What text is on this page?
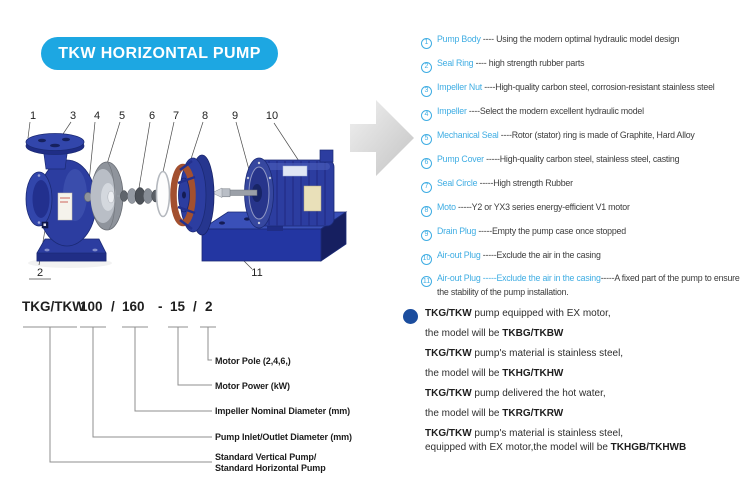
TKW HORIZONTAL PUMP
1	3 4 5 6 7 8 9	10
2	11
1 Pump Body ---- Using the modern optimal hydraulic model design
2 Seal Ring ---- high strength rubber parts
3 Impeller Nut ----High-quality carbon steel, corrosion-resistant stainless steel
4 Impeller ----Select the modern excellent hydraulic model
5 Mechanical Seal ----Rotor (stator) ring is made of Graphite, Hard Alloy
6 Pump Cover -----High-quality carbon steel, stainless steel, casting
7 Seal Circle -----High strength Rubber
8 Moto -----Y2 or YX3 series energy-efficient V1 motor
9 Drain Plug -----Empty the pump case once stopped
10 Air-out Plug -----Exclude the air in the casing
11 Air-out Plug -----Exclude the air in the casing-----A fixed part of the pump to ensure the stability of the pump installation.
TKG/TKW
100 / 160 - 15 / 2
Motor Pole (2,4,6,)
Motor Power (kW)
Impeller Nominal Diameter (mm)
Pump Inlet/Outlet Diameter (mm)
Standard Vertical Pump/
Standard Horizontal Pump
TKG/TKW pump equipped with EX motor,
the model will be TKBG/TKBW
TKG/TKW pump's material is stainless steel,
the model will be TKHG/TKHW
TKG/TKW pump delivered the hot water,
the model will be TKRG/TKRW
TKG/TKW pump's material is stainless steel,
equipped with EX motor,the model will be TKHGB/TKHWB
